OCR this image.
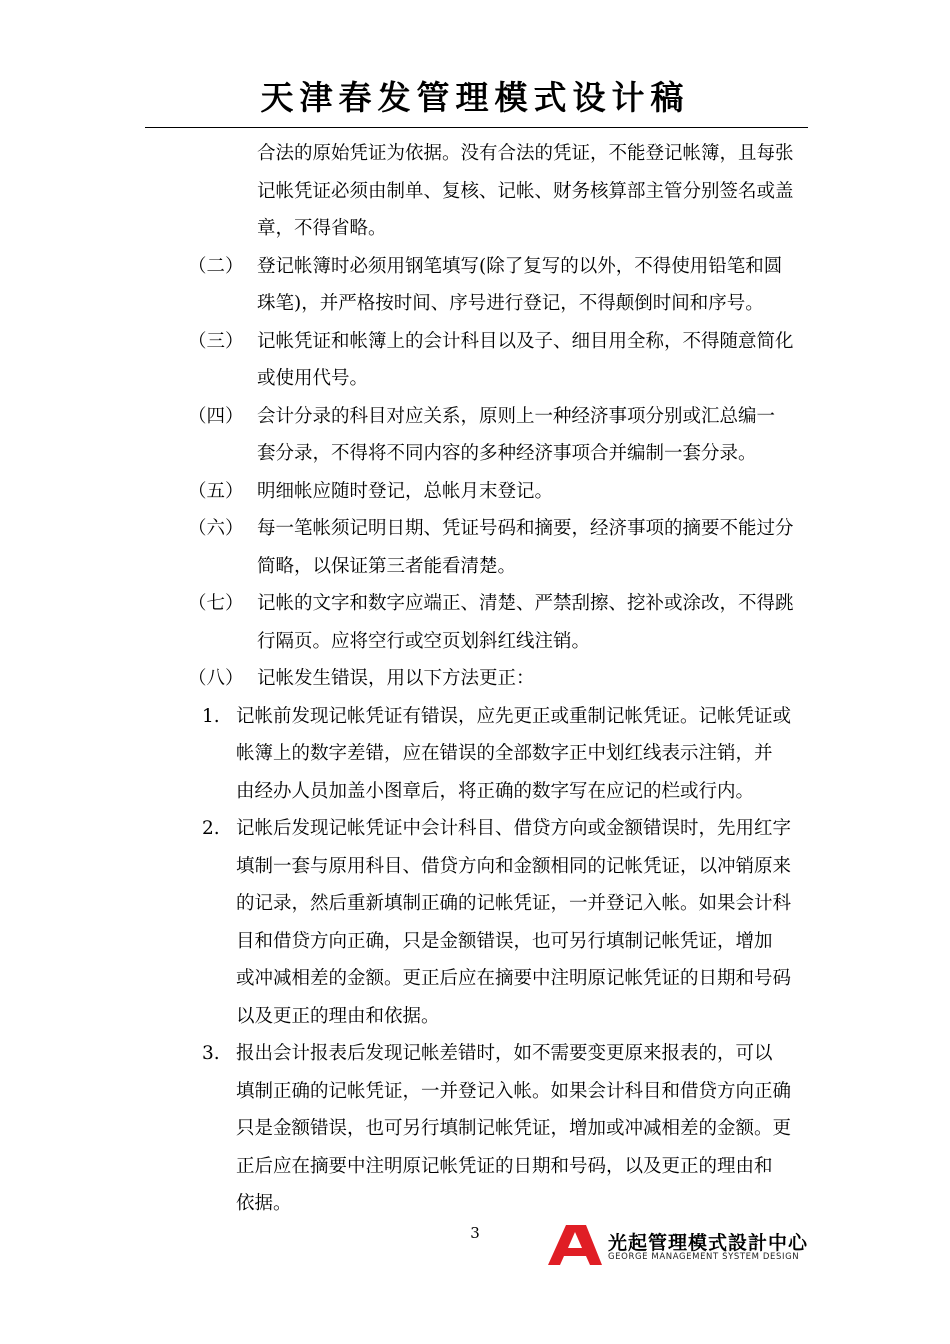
天津春发管理模式设计稿
合法的原始凭证为依据。没有合法的凭证，不能登记帐簿，且每张
记帐凭证必须由制单、复核、记帐、财务核算部主管分别签名或盖
章，不得省略。
（二） 登记帐簿时必须用钢笔填写(除了复写的以外，不得使用铅笔和圆
珠笔)，并严格按时间、序号进行登记，不得颠倒时间和序号。
（三） 记帐凭证和帐簿上的会计科目以及子、细目用全称，不得随意简化
或使用代号。
（四） 会计分录的科目对应关系，原则上一种经济事项分别或汇总编一
套分录，不得将不同内容的多种经济事项合并编制一套分录。
（五） 明细帐应随时登记，总帐月末登记。
（六） 每一笔帐须记明日期、凭证号码和摘要，经济事项的摘要不能过分
简略，以保证第三者能看清楚。
（七） 记帐的文字和数字应端正、清楚、严禁刮擦、挖补或涂改，不得跳
行隔页。应将空行或空页划斜红线注销。
（八） 记帐发生错误，用以下方法更正：
1. 记帐前发现记帐凭证有错误，应先更正或重制记帐凭证。记帐凭证或
帐簿上的数字差错，应在错误的全部数字正中划红线表示注销，并
由经办人员加盖小图章后，将正确的数字写在应记的栏或行内。
2. 记帐后发现记帐凭证中会计科目、借贷方向或金额错误时，先用红字
填制一套与原用科目、借贷方向和金额相同的记帐凭证，以冲销原来
的记录，然后重新填制正确的记帐凭证，一并登记入帐。如果会计科
目和借贷方向正确，只是金额错误，也可另行填制记帐凭证，增加
或冲减相差的金额。更正后应在摘要中注明原记帐凭证的日期和号码
以及更正的理由和依据。
3. 报出会计报表后发现记帐差错时，如不需要变更原来报表的，可以
填制正确的记帐凭证，一并登记入帐。如果会计科目和借贷方向正确
只是金额错误，也可另行填制记帐凭证，增加或冲减相差的金额。更
正后应在摘要中注明原记帐凭证的日期和号码，以及更正的理由和
依据。
3	光起管理模式設計中心
GEORGE MANAGEMENT SYSTEM DESIGN
